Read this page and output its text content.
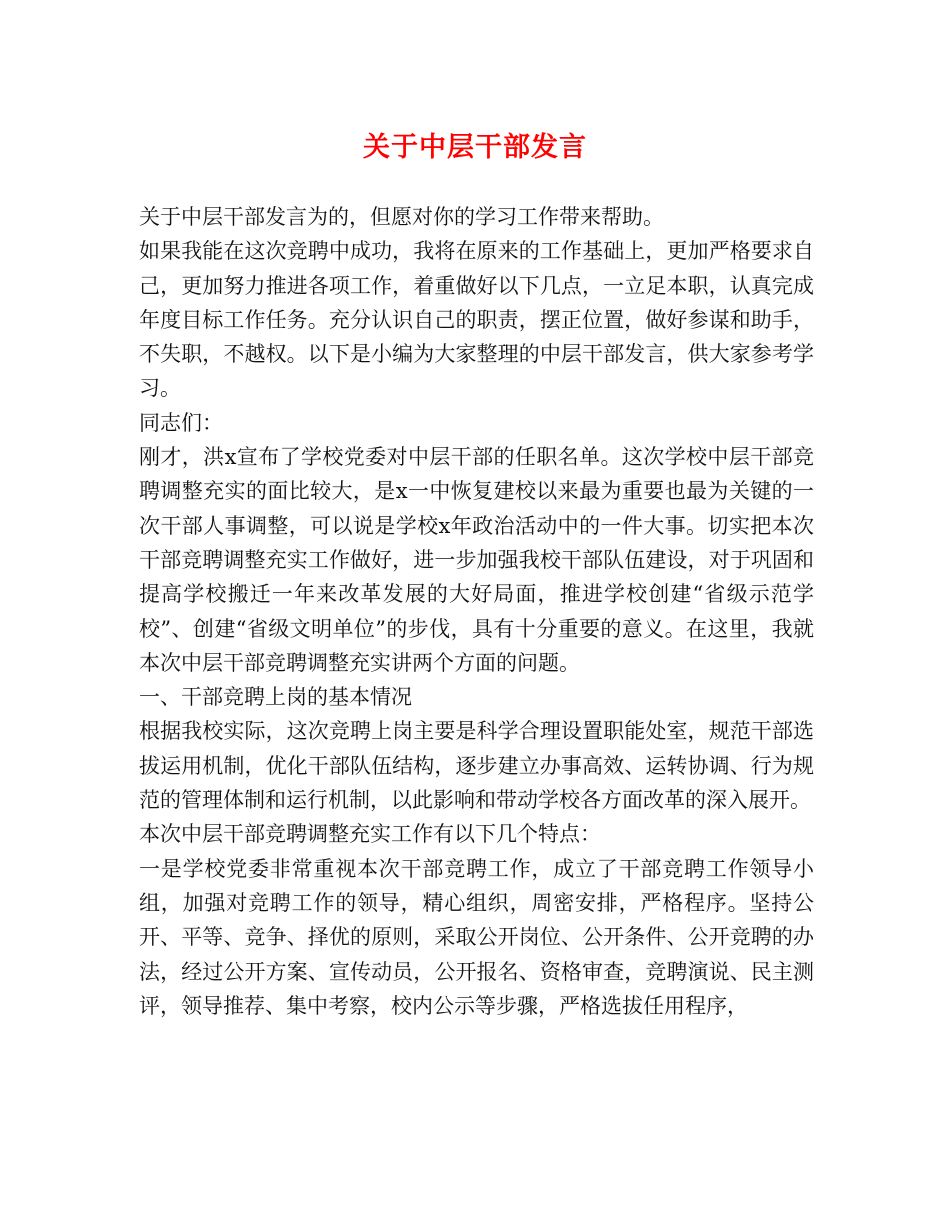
关于中层干部发言

关于中层干部发言为的，但愿对你的学习工作带来帮助。

如果我能在这次竞聘中成功，我将在原来的工作基础上，更加严格要求自己，更加努力推进各项工作，着重做好以下几点，一立足本职，认真完成年度目标工作任务。充分认识自己的职责，摆正位置，做好参谋和助手，不失职，不越权。以下是小编为大家整理的中层干部发言，供大家参考学习。

同志们：

刚才，洪x宣布了学校党委对中层干部的任职名单。这次学校中层干部竞聘调整充实的面比较大，是x一中恢复建校以来最为重要也最为关键的一次干部人事调整，可以说是学校x年政治活动中的一件大事。切实把本次干部竞聘调整充实工作做好，进一步加强我校干部队伍建设，对于巩固和提高学校搬迁一年来改革发展的大好局面，推进学校创建“省级示范学校”、创建“省级文明单位”的步伐，具有十分重要的意义。在这里，我就本次中层干部竞聘调整充实讲两个方面的问题。

一、干部竞聘上岗的基本情况

根据我校实际，这次竞聘上岗主要是科学合理设置职能处室，规范干部选拔运用机制，优化干部队伍结构，逐步建立办事高效、运转协调、行为规范的管理体制和运行机制，以此影响和带动学校各方面改革的深入展开。

本次中层干部竞聘调整充实工作有以下几个特点：

一是学校党委非常重视本次干部竞聘工作，成立了干部竞聘工作领导小组，加强对竞聘工作的领导，精心组织，周密安排，严格程序。坚持公开、平等、竞争、择优的原则，采取公开岗位、公开条件、公开竞聘的办法，经过公开方案、宣传动员，公开报名、资格审查，竞聘演说、民主测评，领导推荐、集中考察，校内公示等步骤，严格选拔任用程序，
